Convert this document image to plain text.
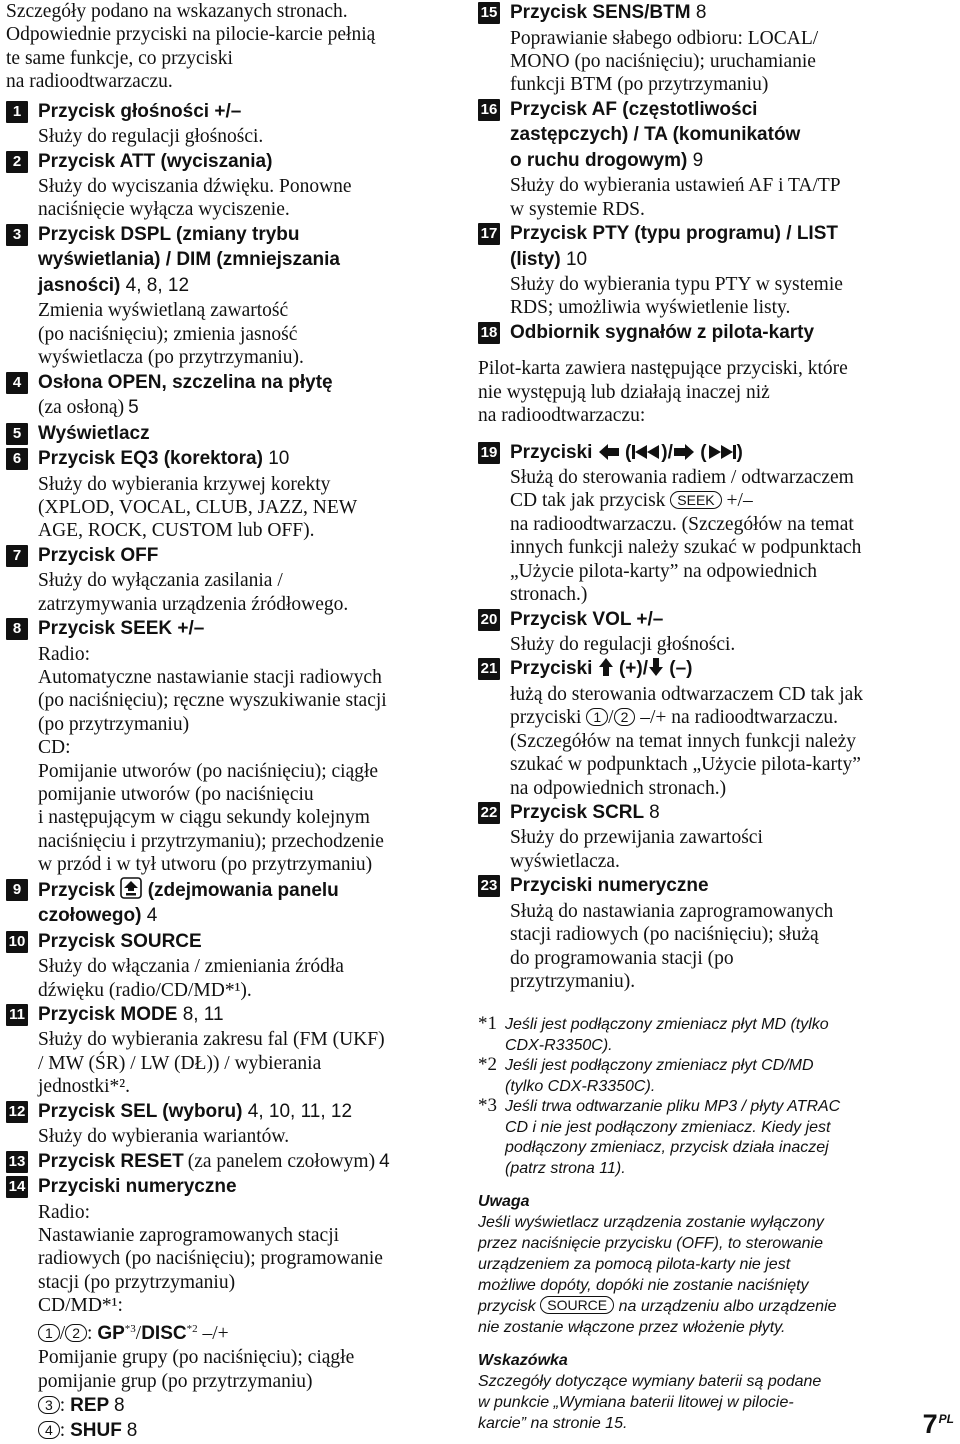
Szczegóły podano na wskazanych stronach.
Odpowiednie przyciski na pilocie-karcie pełnią
te same funkcje, co przyciski
na radioodtwarzaczu.
1 Przycisk głośności +/–
Służy do regulacji głośności.
2 Przycisk ATT (wyciszania)
Służy do wyciszania dźwięku. Ponowne
naciśnięcie wyłącza wyciszenie.
3 Przycisk DSPL (zmiany trybu
wyświetlania) / DIM (zmniejszania
jasności) 4, 8, 12
Zmienia wyświetlaną zawartość
(po naciśnięciu); zmienia jasność
wyświetlacza (po przytrzymaniu).
4 Osłona OPEN, szczelina na płytę
(za osłoną) 5
5 Wyświetlacz
6 Przycisk EQ3 (korektora) 10
Służy do wybierania krzywej korekty
(XPLOD, VOCAL, CLUB, JAZZ, NEW
AGE, ROCK, CUSTOM lub OFF).
7 Przycisk OFF
Służy do wyłączania zasilania /
zatrzymywania urządzenia źródłowego.
8 Przycisk SEEK +/–
Radio:
Automatyczne nastawianie stacji radiowych
(po naciśnięciu); ręczne wyszukiwanie stacji
(po przytrzymaniu)
CD:
Pomijanie utworów (po naciśnięciu); ciągłe
pomijanie utworów (po naciśnięciu
i następującym w ciągu sekundy kolejnym
naciśnięciu i przytrzymaniu); przechodzenie
w przód i w tył utworu (po przytrzymaniu)
9 Przycisk (zdejmowania panelu
czołowego) 4
10 Przycisk SOURCE
Służy do włączania / zmieniania źródła
dźwięku (radio/CD/MD*¹).
11 Przycisk MODE 8, 11
Służy do wybierania zakresu fal (FM (UKF)
/ MW (ŚR) / LW (DŁ)) / wybierania
jednostki*².
12 Przycisk SEL (wyboru) 4, 10, 11, 12
Służy do wybierania wariantów.
13 Przycisk RESET (za panelem czołowym) 4
14 Przyciski numeryczne
Radio:
Nastawianie zaprogramowanych stacji
radiowych (po naciśnięciu); programowanie
stacji (po przytrzymaniu)
CD/MD*¹:
1 / 2 : GP$^{*3}$/DISC$^{*2}$ –/+
Pomijanie grupy (po naciśnięciu); ciągłe
pomijanie grup (po przytrzymaniu)
3 : REP 8
4 : SHUF 8
15 Przycisk SENS/BTM 8
Poprawianie słabego odbioru: LOCAL/
MONO (po naciśnięciu); uruchamianie
funkcji BTM (po przytrzymaniu)
16 Przycisk AF (częstotliwości
zastępczych) / TA (komunikatów
o ruchu drogowym) 9
Służy do wybierania ustawień AF i TA/TP
w systemie RDS.
17 Przycisk PTY (typu programu) / LIST
(listy) 10
Służy do wybierania typu PTY w systemie
RDS; umożliwia wyświetlenie listy.
18 Odbiornik sygnałów z pilota-karty
Pilot-karta zawiera następujące przyciski, które
nie występują lub działają inaczej niż
na radioodtwarzaczu:
19 Przyciski ( )/ ( )
Służą do sterowania radiem / odtwarzaczem
CD tak jak przycisk SEEK +/–
na radioodtwarzaczu. (Szczegółów na temat
innych funkcji należy szukać w podpunktach
„Użycie pilota-karty” na odpowiednich
stronach.)
20 Przycisk VOL +/–
Służy do regulacji głośności.
21 Przyciski (+)/ (–)
łużą do sterowania odtwarzaczem CD tak jak
przyciski 1 / 2 –/+ na radioodtwarzaczu.
(Szczegółów na temat innych funkcji należy
szukać w podpunktach „Użycie pilota-karty”
na odpowiednich stronach.)
22 Przycisk SCRL 8
Służy do przewijania zawartości
wyświetlacza.
23 Przyciski numeryczne
Służą do nastawiania zaprogramowanych
stacji radiowych (po naciśnięciu); służą
do programowania stacji (po
przytrzymaniu).
*1 Jeśli jest podłączony zmieniacz płyt MD (tylko
CDX-R3350C).
*2 Jeśli jest podłączony zmieniacz płyt CD/MD
(tylko CDX-R3350C).
*3 Jeśli trwa odtwarzanie pliku MP3 / płyty ATRAC
CD i nie jest podłączony zmieniacz. Kiedy jest
podłączony zmieniacz, przycisk działa inaczej
(patrz strona 11).
Uwaga
Jeśli wyświetlacz urządzenia zostanie wyłączony
przez naciśnięcie przycisku (OFF), to sterowanie
urządzeniem za pomocą pilota-karty nie jest
możliwe dopóty, dopóki nie zostanie naciśnięty
przycisk SOURCE na urządzeniu albo urządzenie
nie zostanie włączone przez włożenie płyty.
Wskazówka
Szczegóły dotyczące wymiany baterii są podane
w punkcie „Wymiana baterii litowej w pilocie-
karcie” na stronie 15.	$7^{PL}$
